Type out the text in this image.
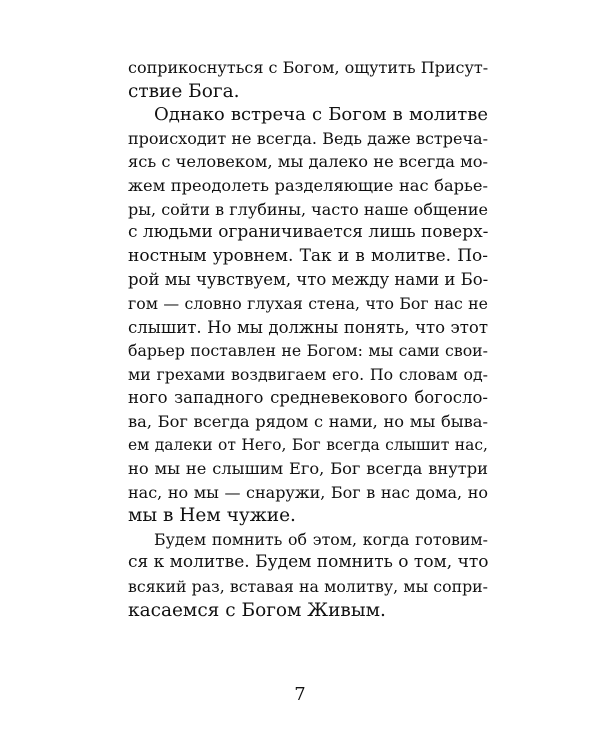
соприкоснуться с Богом, ощутить Присут-
ствие Бога.
Однако встреча с Богом в молитве
происходит не всегда. Ведь даже встреча-
ясь с человеком, мы далеко не всегда мо-
жем преодолеть разделяющие нас барье-
ры, сойти в глубины, часто наше общение
с людьми ограничивается лишь поверх-
ностным уровнем. Так и в молитве. По-
рой мы чувствуем, что между нами и Бо-
гом — словно глухая стена, что Бог нас не
слышит. Но мы должны понять, что этот
барьер поставлен не Богом: мы сами свои-
ми грехами воздвигаем его. По словам од-
ного западного средневекового богосло-
ва, Бог всегда рядом с нами, но мы быва-
ем далеки от Него, Бог всегда слышит нас,
но мы не слышим Его, Бог всегда внутри
нас, но мы — снаружи, Бог в нас дома, но
мы в Нем чужие.
Будем помнить об этом, когда готовим-
ся к молитве. Будем помнить о том, что
всякий раз, вставая на молитву, мы сопри-
касаемся с Богом Живым.
7
